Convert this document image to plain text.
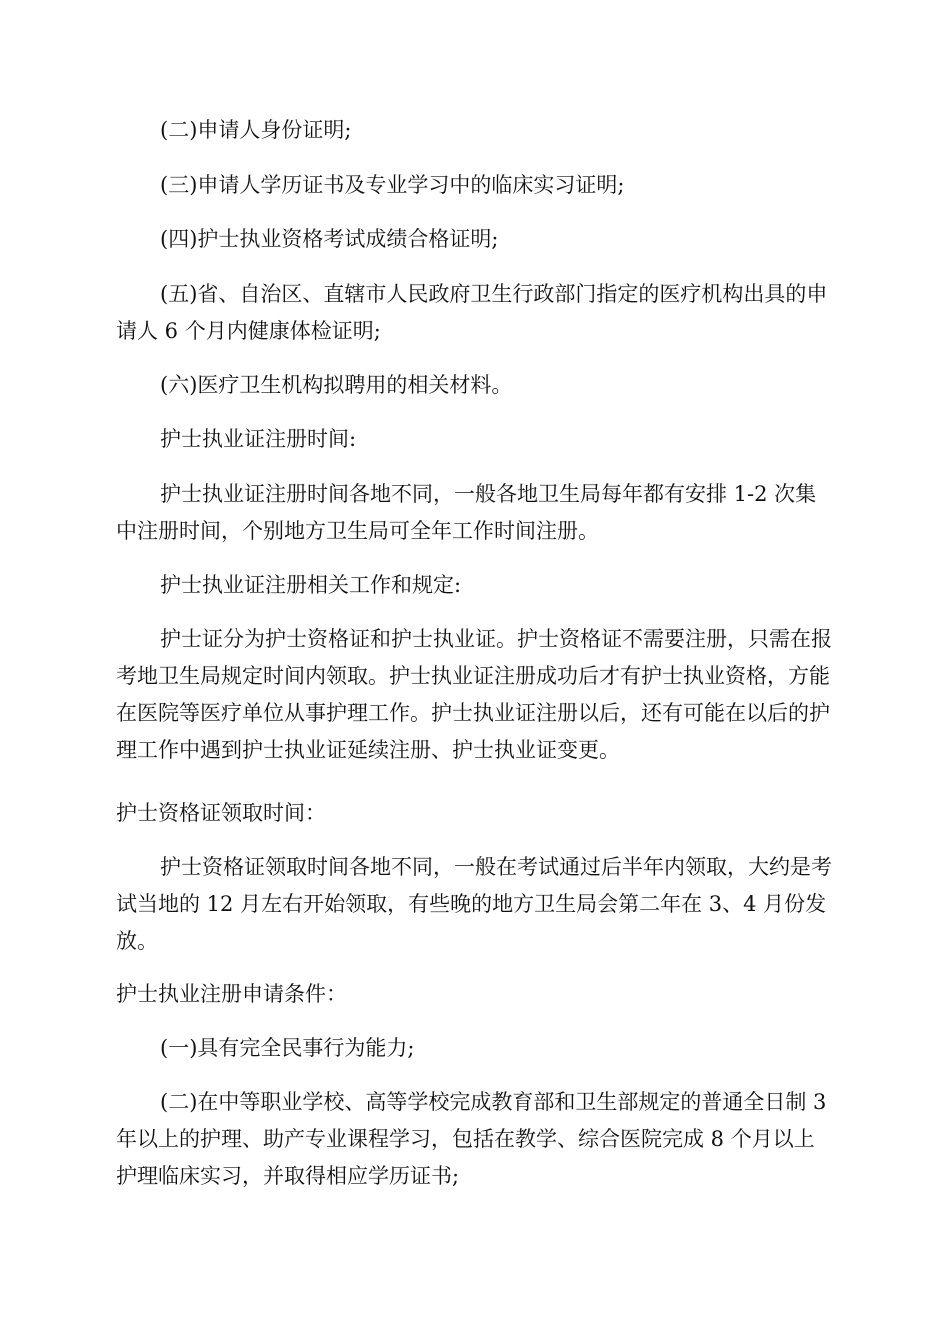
(二)申请人身份证明;

(三)申请人学历证书及专业学习中的临床实习证明;

(四)护士执业资格考试成绩合格证明;

(五)省、自治区、直辖市人民政府卫生行政部门指定的医疗机构出具的申请人 6 个月内健康体检证明;

(六)医疗卫生机构拟聘用的相关材料。

护士执业证注册时间:

护士执业证注册时间各地不同，一般各地卫生局每年都有安排 1-2 次集中注册时间，个别地方卫生局可全年工作时间注册。

护士执业证注册相关工作和规定:

护士证分为护士资格证和护士执业证。护士资格证不需要注册，只需在报考地卫生局规定时间内领取。护士执业证注册成功后才有护士执业资格，方能在医院等医疗单位从事护理工作。护士执业证注册以后，还有可能在以后的护理工作中遇到护士执业证延续注册、护士执业证变更。

护士资格证领取时间：

护士资格证领取时间各地不同，一般在考试通过后半年内领取，大约是考试当地的 12 月左右开始领取，有些晚的地方卫生局会第二年在 3、4 月份发放。

护士执业注册申请条件：

(一)具有完全民事行为能力;

(二)在中等职业学校、高等学校完成教育部和卫生部规定的普通全日制 3 年以上的护理、助产专业课程学习，包括在教学、综合医院完成 8 个月以上护理临床实习，并取得相应学历证书;
